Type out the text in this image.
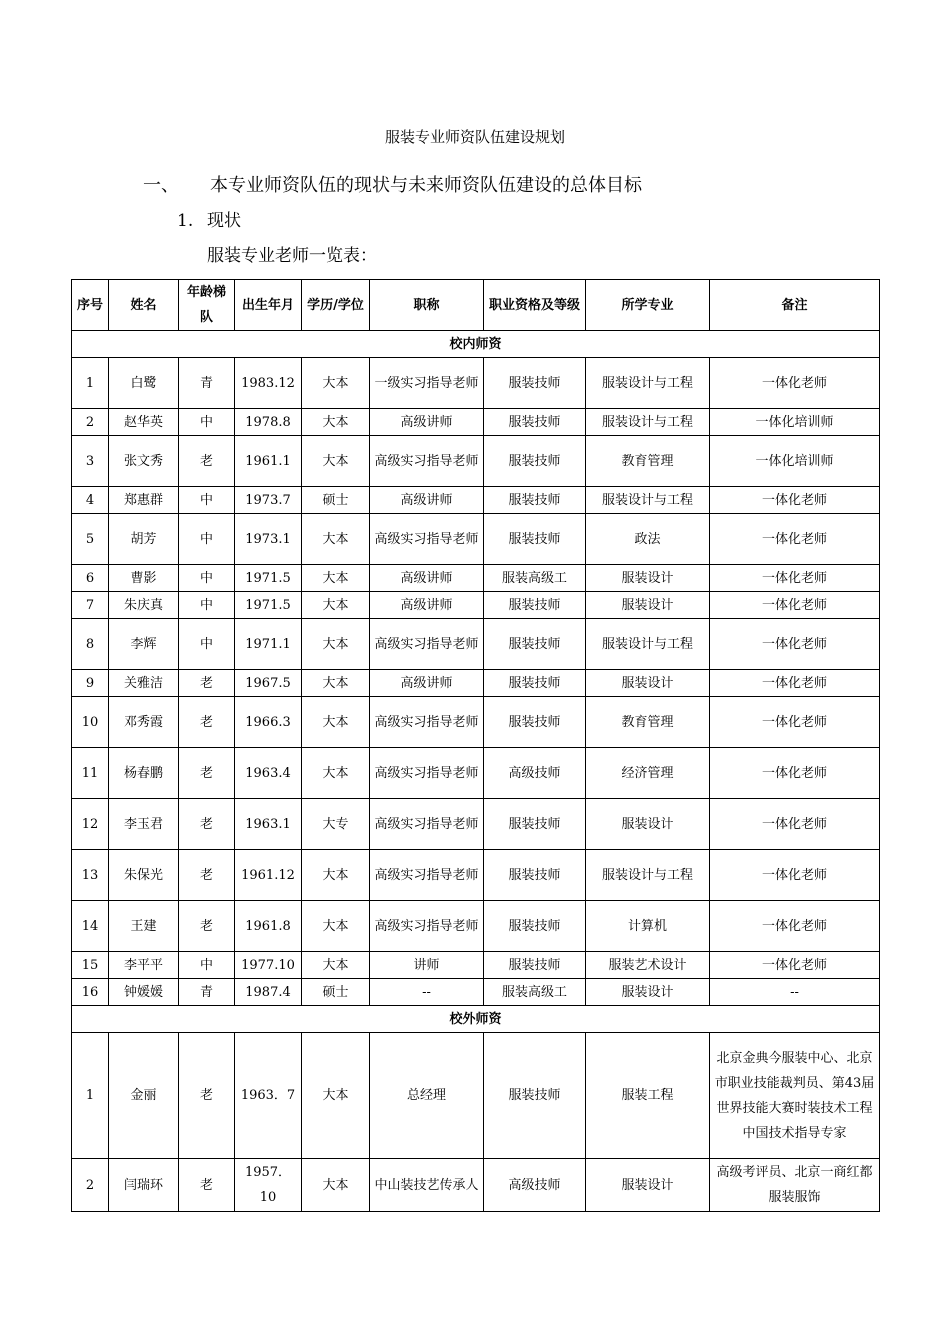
服装专业师资队伍建设规划
一、 本专业师资队伍的现状与未来师资队伍建设的总体目标
1. 现状
服装专业老师一览表：
序号	姓名	年龄梯队	出生年月	学历/学位	职称	职业资格及等级	所学专业	备注
校内师资								
1	白鹭	青	1983.12	大本	一级实习指导老师	服装技师	服装设计与工程	一体化老师
2	赵华英	中	1978.8	大本	高级讲师	服装技师	服装设计与工程	一体化培训师
3	张文秀	老	1961.1	大本	高级实习指导老师	服装技师	教育管理	一体化培训师
4	郑惠群	中	1973.7	硕士	高级讲师	服装技师	服装设计与工程	一体化老师
5	胡芳	中	1973.1	大本	高级实习指导老师	服装技师	政法	一体化老师
6	曹影	中	1971.5	大本	高级讲师	服装高级工	服装设计	一体化老师
7	朱庆真	中	1971.5	大本	高级讲师	服装技师	服装设计	一体化老师
8	李辉	中	1971.1	大本	高级实习指导老师	服装技师	服装设计与工程	一体化老师
9	关雅洁	老	1967.5	大本	高级讲师	服装技师	服装设计	一体化老师
10	邓秀霞	老	1966.3	大本	高级实习指导老师	服装技师	教育管理	一体化老师
11	杨春鹏	老	1963.4	大本	高级实习指导老师	高级技师	经济管理	一体化老师
12	李玉君	老	1963.1	大专	高级实习指导老师	服装技师	服装设计	一体化老师
13	朱保光	老	1961.12	大本	高级实习指导老师	服装技师	服装设计与工程	一体化老师
14	王建	老	1961.8	大本	高级实习指导老师	服装技师	计算机	一体化老师
15	李平平	中	1977.10	大本	讲师	服装技师	服装艺术设计	一体化老师
16	钟媛媛	青	1987.4	硕士	--	服装高级工	服装设计	--
校外师资								
1	金丽	老	1963．7	大本	总经理	服装技师	服装工程	北京金典今服装中心、北京市职业技能裁判员、第43届世界技能大赛时装技术工程中国技术指导专家
2	闫瑞环	老	1957．10	大本	中山装技艺传承人	高级技师	服装设计	高级考评员、北京一商红都服装服饰
